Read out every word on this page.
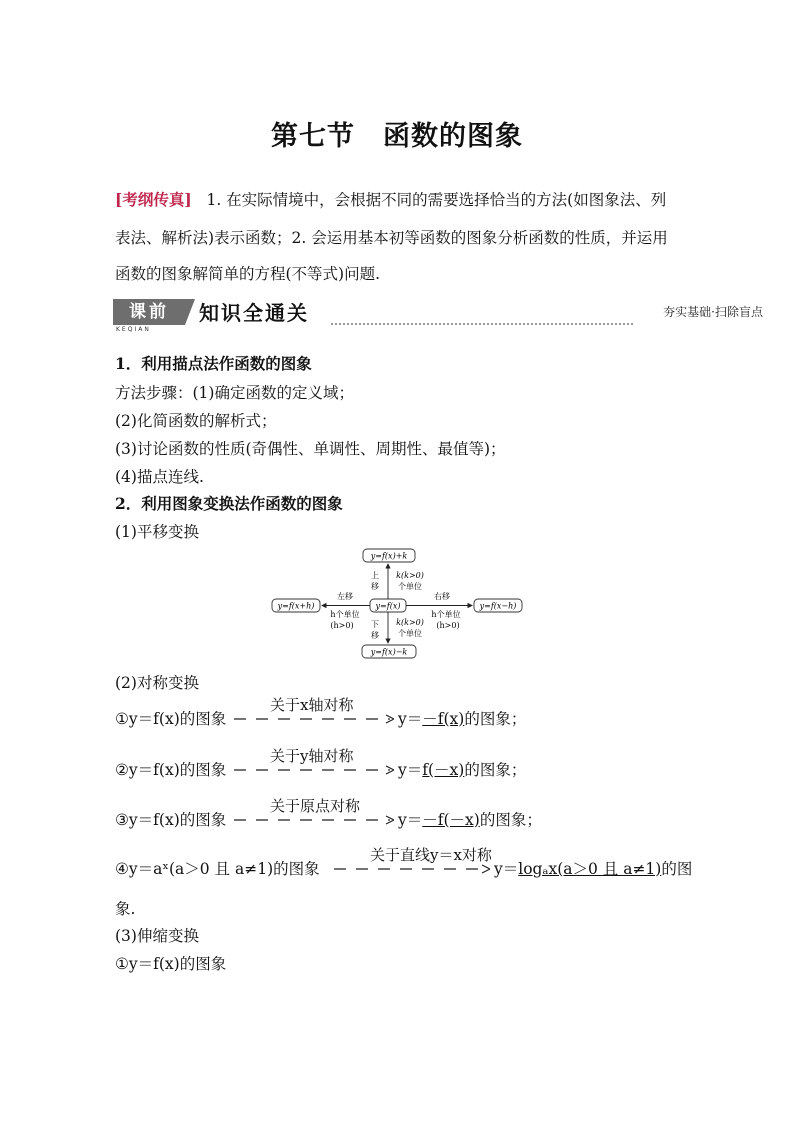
第七节　函数的图象
[考纲传真] 1. 在实际情境中，会根据不同的需要选择恰当的方法(如图象法、列
表法、解析法)表示函数；2. 会运用基本初等函数的图象分析函数的性质，并运用
函数的图象解简单的方程(不等式)问题.
课前
KEQIAN
知识全通关	夯实基础·扫除盲点
1．利用描点法作函数的图象
方法步骤：(1)确定函数的定义域；
(2)化简函数的解析式；
(3)讨论函数的性质(奇偶性、单调性、周期性、最值等)；
(4)描点连线.
2．利用图象变换法作函数的图象
(1)平移变换
y=f(x)+k
y=f(x)
y=f(x)−k
y=f(x+h)	y=f(x−h)
上
移
k(k>0)
个单位
下
移
k(k>0)
个单位
左移
h个单位
(h>0)
右移
h个单位
(h>0)
(2)对称变换
①y＝f(x)的图象
关于x轴对称
y＝－f(x)的图象；
②y＝f(x)的图象
关于y轴对称
y＝f(－x)的图象；
③y＝f(x)的图象
关于原点对称
y＝－f(－x)的图象；
④y＝aˣ(a＞0 且 a≠1)的图象
关于直线y＝x对称
y＝logₐx(a＞0 且 a≠1)的图
象.
(3)伸缩变换
①y＝f(x)的图象
